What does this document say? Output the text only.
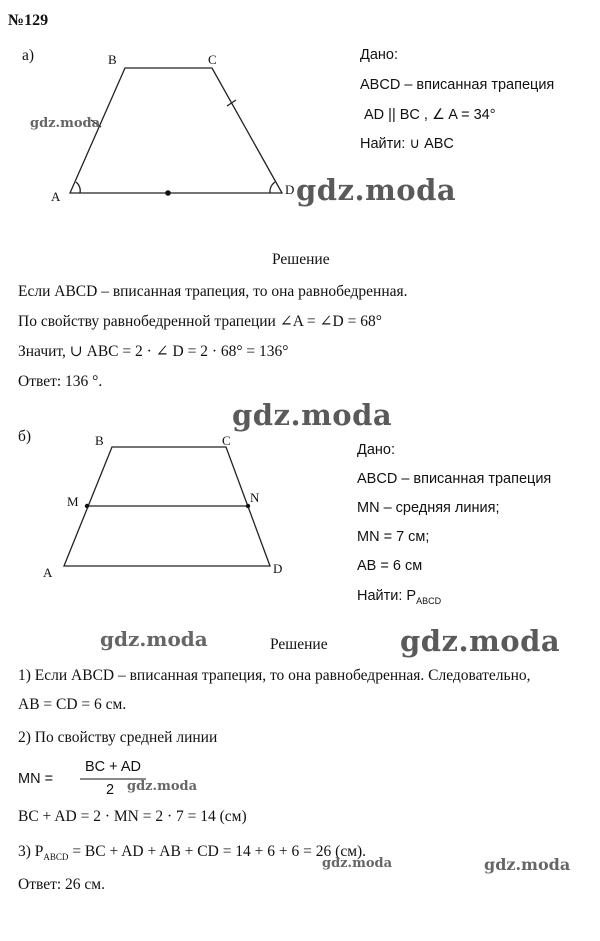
№129
а)	B	C
A	D
Дано:
ABCD – вписанная трапеция
AD || BC , ∠ A = 34°
Найти: ∪ ABC
Решение
Если ABCD – вписанная трапеция, то она равнобедренная.
По свойству равнобедренной трапеции ∠A = ∠D = 68°
Значит, ∪ ABC = 2 · ∠ D = 2 · 68° = 136°
Ответ: 136 °.
б)	B	C
M	N
A	D
Дано:
ABCD – вписанная трапеция
MN – средняя линия;
MN = 7 см;
AB = 6 см
Найти: $P_{ABCD}$
Решение
1) Если ABCD – вписанная трапеция, то она равнобедренная. Следовательно,
AB = CD = 6 см.
2) По свойству средней линии
MN =
BC + AD
2
BC + AD = 2 · MN = 2 · 7 = 14 (см)
3) $P_{ABCD}$ = BC + AD + AB + CD = 14 + 6 + 6 = 26 (см).
Ответ: 26 см.
gdz.moda
gdz.moda
gdz.moda
gdz.moda	gdz.moda
gdz.moda
gdz.moda	gdz.moda
